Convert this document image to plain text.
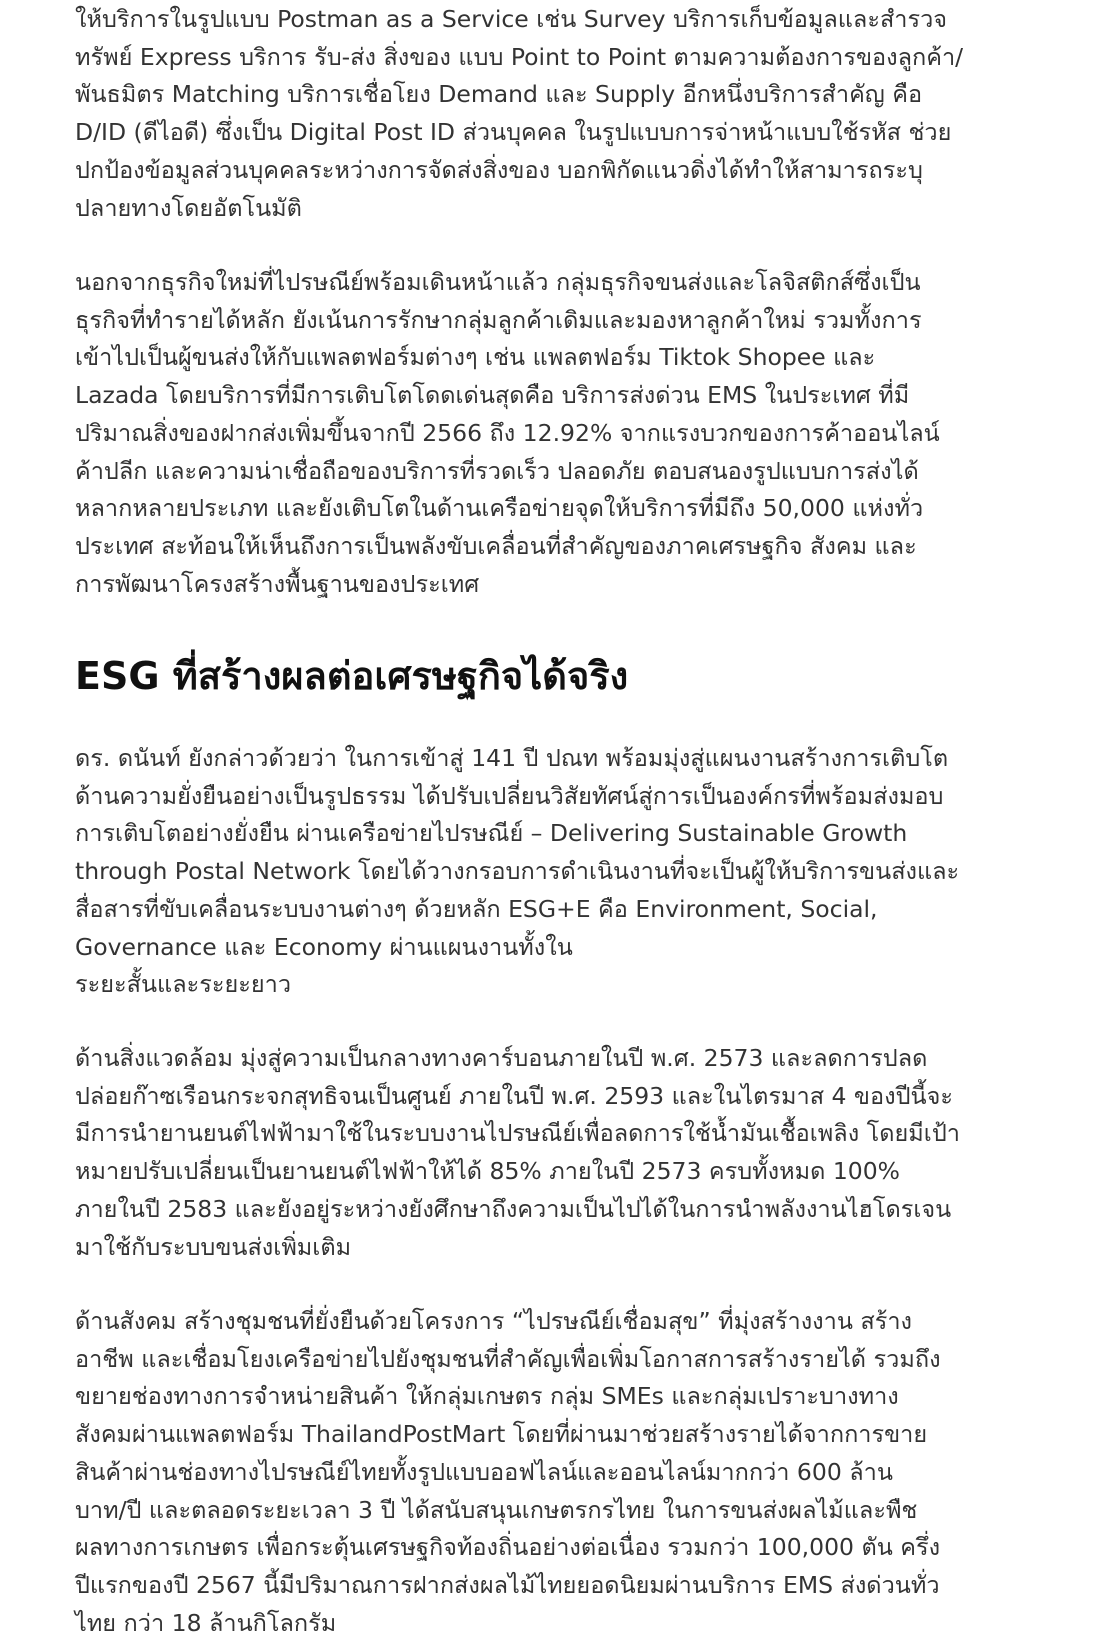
ให้บริการในรูปแบบ Postman as a Service เช่น Survey บริการเก็บข้อมูลและสำรวจ
ทรัพย์ Express บริการ รับ-ส่ง สิ่งของ แบบ Point to Point ตามความต้องการของลูกค้า/
พันธมิตร Matching บริการเชื่อโยง Demand และ Supply อีกหนึ่งบริการสำคัญ คือ
D/ID (ดีไอดี) ซึ่งเป็น Digital Post ID ส่วนบุคคล ในรูปแบบการจ่าหน้าแบบใช้รหัส ช่วย
ปกป้องข้อมูลส่วนบุคคลระหว่างการจัดส่งสิ่งของ บอกพิกัดแนวดิ่งได้ทำให้สามารถระบุ
ปลายทางโดยอัตโนมัติ

นอกจากธุรกิจใหม่ที่ไปรษณีย์พร้อมเดินหน้าแล้ว กลุ่มธุรกิจขนส่งและโลจิสติกส์ซึ่งเป็น
ธุรกิจที่ทำรายได้หลัก ยังเน้นการรักษากลุ่มลูกค้าเดิมและมองหาลูกค้าใหม่ รวมทั้งการ
เข้าไปเป็นผู้ขนส่งให้กับแพลตฟอร์มต่างๆ เช่น แพลตฟอร์ม Tiktok Shopee และ
Lazada โดยบริการที่มีการเติบโตโดดเด่นสุดคือ บริการส่งด่วน EMS ในประเทศ ที่มี
ปริมาณสิ่งของฝากส่งเพิ่มขึ้นจากปี 2566 ถึง 12.92% จากแรงบวกของการค้าออนไลน์
ค้าปลีก และความน่าเชื่อถือของบริการที่รวดเร็ว ปลอดภัย ตอบสนองรูปแบบการส่งได้
หลากหลายประเภท และยังเติบโตในด้านเครือข่ายจุดให้บริการที่มีถึง 50,000 แห่งทั่ว
ประเทศ สะท้อนให้เห็นถึงการเป็นพลังขับเคลื่อนที่สำคัญของภาคเศรษฐกิจ สังคม และ
การพัฒนาโครงสร้างพื้นฐานของประเทศ

ESG ที่สร้างผลต่อเศรษฐกิจได้จริง

ดร. ดนันท์ ยังกล่าวด้วยว่า ในการเข้าสู่ 141 ปี ปณท พร้อมมุ่งสู่แผนงานสร้างการเติบโต
ด้านความยั่งยืนอย่างเป็นรูปธรรม ได้ปรับเปลี่ยนวิสัยทัศน์สู่การเป็นองค์กรที่พร้อมส่งมอบ
การเติบโตอย่างยั่งยืน ผ่านเครือข่ายไปรษณีย์ – Delivering Sustainable Growth
through Postal Network โดยได้วางกรอบการดำเนินงานที่จะเป็นผู้ให้บริการขนส่งและ
สื่อสารที่ขับเคลื่อนระบบงานต่างๆ ด้วยหลัก ESG+E คือ Environment, Social,
Governance และ Economy ผ่านแผนงานทั้งใน
ระยะสั้นและระยะยาว

ด้านสิ่งแวดล้อม มุ่งสู่ความเป็นกลางทางคาร์บอนภายในปี พ.ศ. 2573 และลดการปลด
ปล่อยก๊าซเรือนกระจกสุทธิจนเป็นศูนย์ ภายในปี พ.ศ. 2593 และในไตรมาส 4 ของปีนี้จะ
มีการนำยานยนต์ไฟฟ้ามาใช้ในระบบงานไปรษณีย์เพื่อลดการใช้น้ำมันเชื้อเพลิง โดยมีเป้า
หมายปรับเปลี่ยนเป็นยานยนต์ไฟฟ้าให้ได้ 85% ภายในปี 2573 ครบทั้งหมด 100%
ภายในปี 2583 และยังอยู่ระหว่างยังศึกษาถึงความเป็นไปได้ในการนำพลังงานไฮโดรเจน
มาใช้กับระบบขนส่งเพิ่มเติม

ด้านสังคม สร้างชุมชนที่ยั่งยืนด้วยโครงการ “ไปรษณีย์เชื่อมสุข” ที่มุ่งสร้างงาน สร้าง
อาชีพ และเชื่อมโยงเครือข่ายไปยังชุมชนที่สำคัญเพื่อเพิ่มโอกาสการสร้างรายได้ รวมถึง
ขยายช่องทางการจำหน่ายสินค้า ให้กลุ่มเกษตร กลุ่ม SMEs และกลุ่มเปราะบางทาง
สังคมผ่านแพลตฟอร์ม ThailandPostMart โดยที่ผ่านมาช่วยสร้างรายได้จากการขาย
สินค้าผ่านช่องทางไปรษณีย์ไทยทั้งรูปแบบออฟไลน์และออนไลน์มากกว่า 600 ล้าน
บาท/ปี และตลอดระยะเวลา 3 ปี ได้สนับสนุนเกษตรกรไทย ในการขนส่งผลไม้และพืช
ผลทางการเกษตร เพื่อกระตุ้นเศรษฐกิจท้องถิ่นอย่างต่อเนื่อง รวมกว่า 100,000 ตัน ครึ่ง
ปีแรกของปี 2567 นี้มีปริมาณการฝากส่งผลไม้ไทยยอดนิยมผ่านบริการ EMS ส่งด่วนทั่ว
ไทย กว่า 18 ล้านกิโลกรัม
